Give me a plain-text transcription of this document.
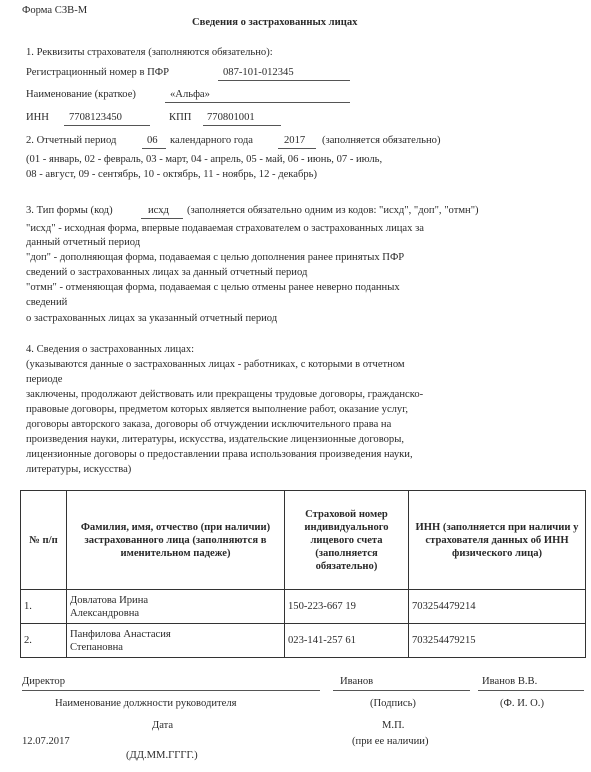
Форма СЗВ-М
Сведения о застрахованных лицах
1. Реквизиты страхователя (заполняются обязательно):
Регистрационный номер в ПФР	087-101-012345
Наименование (краткое)	«Альфа»
ИНН 7708123450	КПП 770801001
2. Отчетный период	06 календарного года	2017 (заполняется обязательно)
(01 - январь, 02 - февраль, 03 - март, 04 - апрель, 05 - май, 06 - июнь, 07 - июль,
08 - август, 09 - сентябрь, 10 - октябрь, 11 - ноябрь, 12 - декабрь)
3. Тип формы (код)	исхд (заполняется обязательно одним из кодов: "исхд", "доп", "отмн")
"исхд" - исходная форма, впервые подаваемая страхователем о застрахованных лицах за
данный отчетный период
"доп" - дополняющая форма, подаваемая с целью дополнения ранее принятых ПФР
сведений о застрахованных лицах за данный отчетный период
"отмн" - отменяющая форма, подаваемая с целью отмены ранее неверно поданных
сведений
о застрахованных лицах за указанный отчетный период
4. Сведения о застрахованных лицах:
(указываются данные о застрахованных лицах - работниках, с которыми в отчетном
периоде
заключены, продолжают действовать или прекращены трудовые договоры, гражданско-
правовые договоры, предметом которых является выполнение работ, оказание услуг,
договоры авторского заказа, договоры об отчуждении исключительного права на
произведения науки, литературы, искусства, издательские лицензионные договоры,
лицензионные договоры о предоставлении права использования произведения науки,
литературы, искусства)
№ п/п	Фамилия, имя, отчество (при наличии) застрахованного лица (заполняются в именительном падеже)	Страховой номер индивидуального лицевого счета (заполняется обязательно)	ИНН (заполняется при наличии у страхователя данных об ИНН физического лица)
1.	Довлатова Ирина
Александровна	150-223-667 19	703254479214
2.	Панфилова Анастасия
Степановна	023-141-257 61	703254479215
Директор	Иванов	Иванов В.В.
Наименование должности руководителя	(Подпись)	(Ф. И. О.)
Дата	М.П.
12.07.2017	(при ее наличии)
(ДД.ММ.ГГГГ.)
